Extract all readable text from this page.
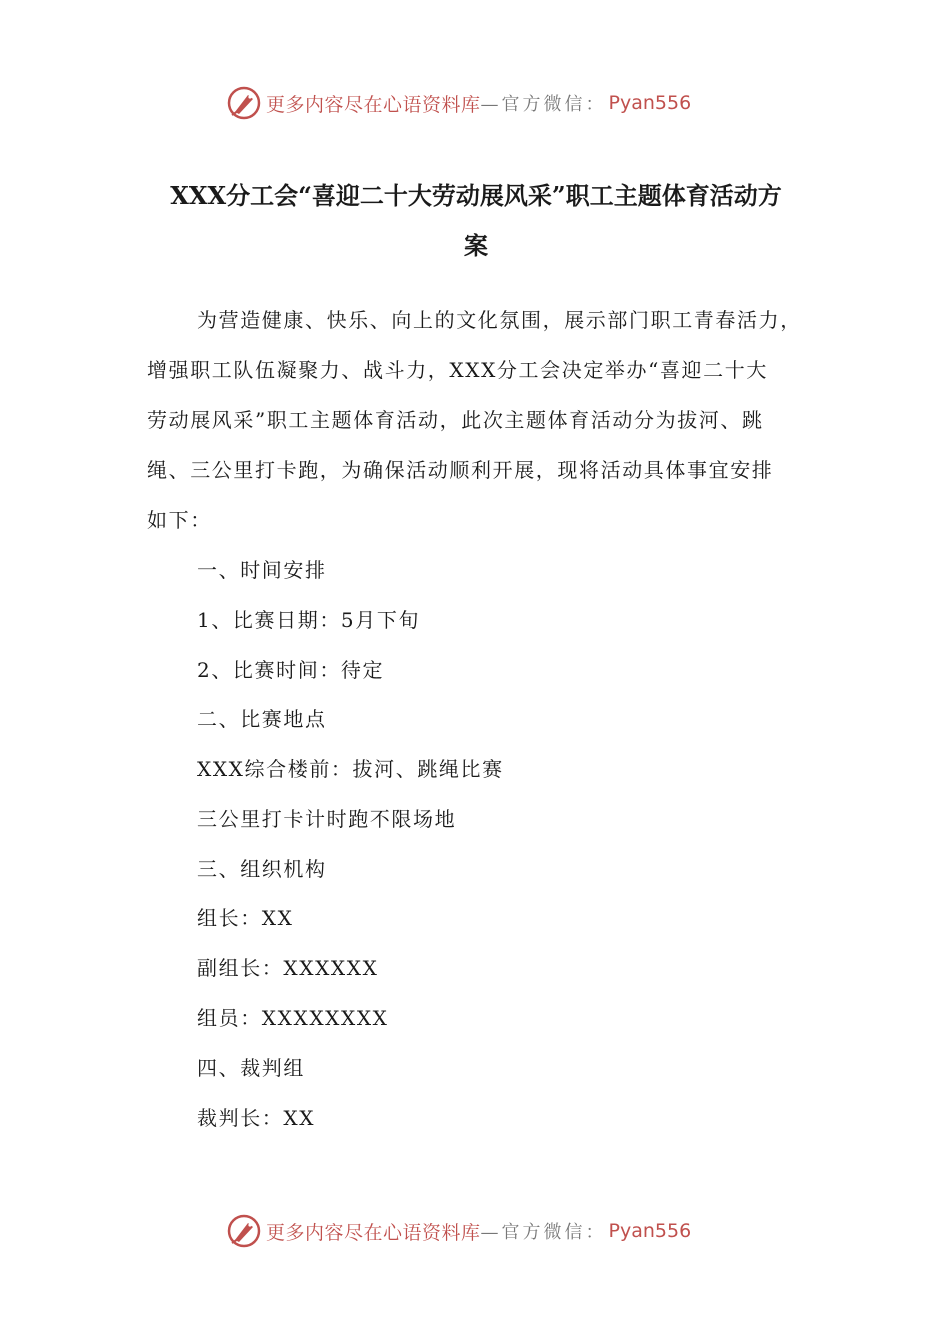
更多内容尽在心语资料库 —官方微信： Pyan556
XXX分工会“喜迎二十大劳动展风采”职工主题体育活动方
案
为营造健康、快乐、向上的文化氛围，展示部门职工青春活力，
增强职工队伍凝聚力、战斗力，XXX分工会决定举办“喜迎二十大
劳动展风采”职工主题体育活动，此次主题体育活动分为拔河、跳
绳、三公里打卡跑，为确保活动顺利开展，现将活动具体事宜安排
如下：
一、时间安排
1、比赛日期：5月下旬
2、比赛时间：待定
二、比赛地点
XXX综合楼前：拔河、跳绳比赛
三公里打卡计时跑不限场地
三、组织机构
组长：XX
副组长：XXXXXX
组员：XXXXXXXX
四、裁判组
裁判长：XX
更多内容尽在心语资料库 —官方微信： Pyan556
